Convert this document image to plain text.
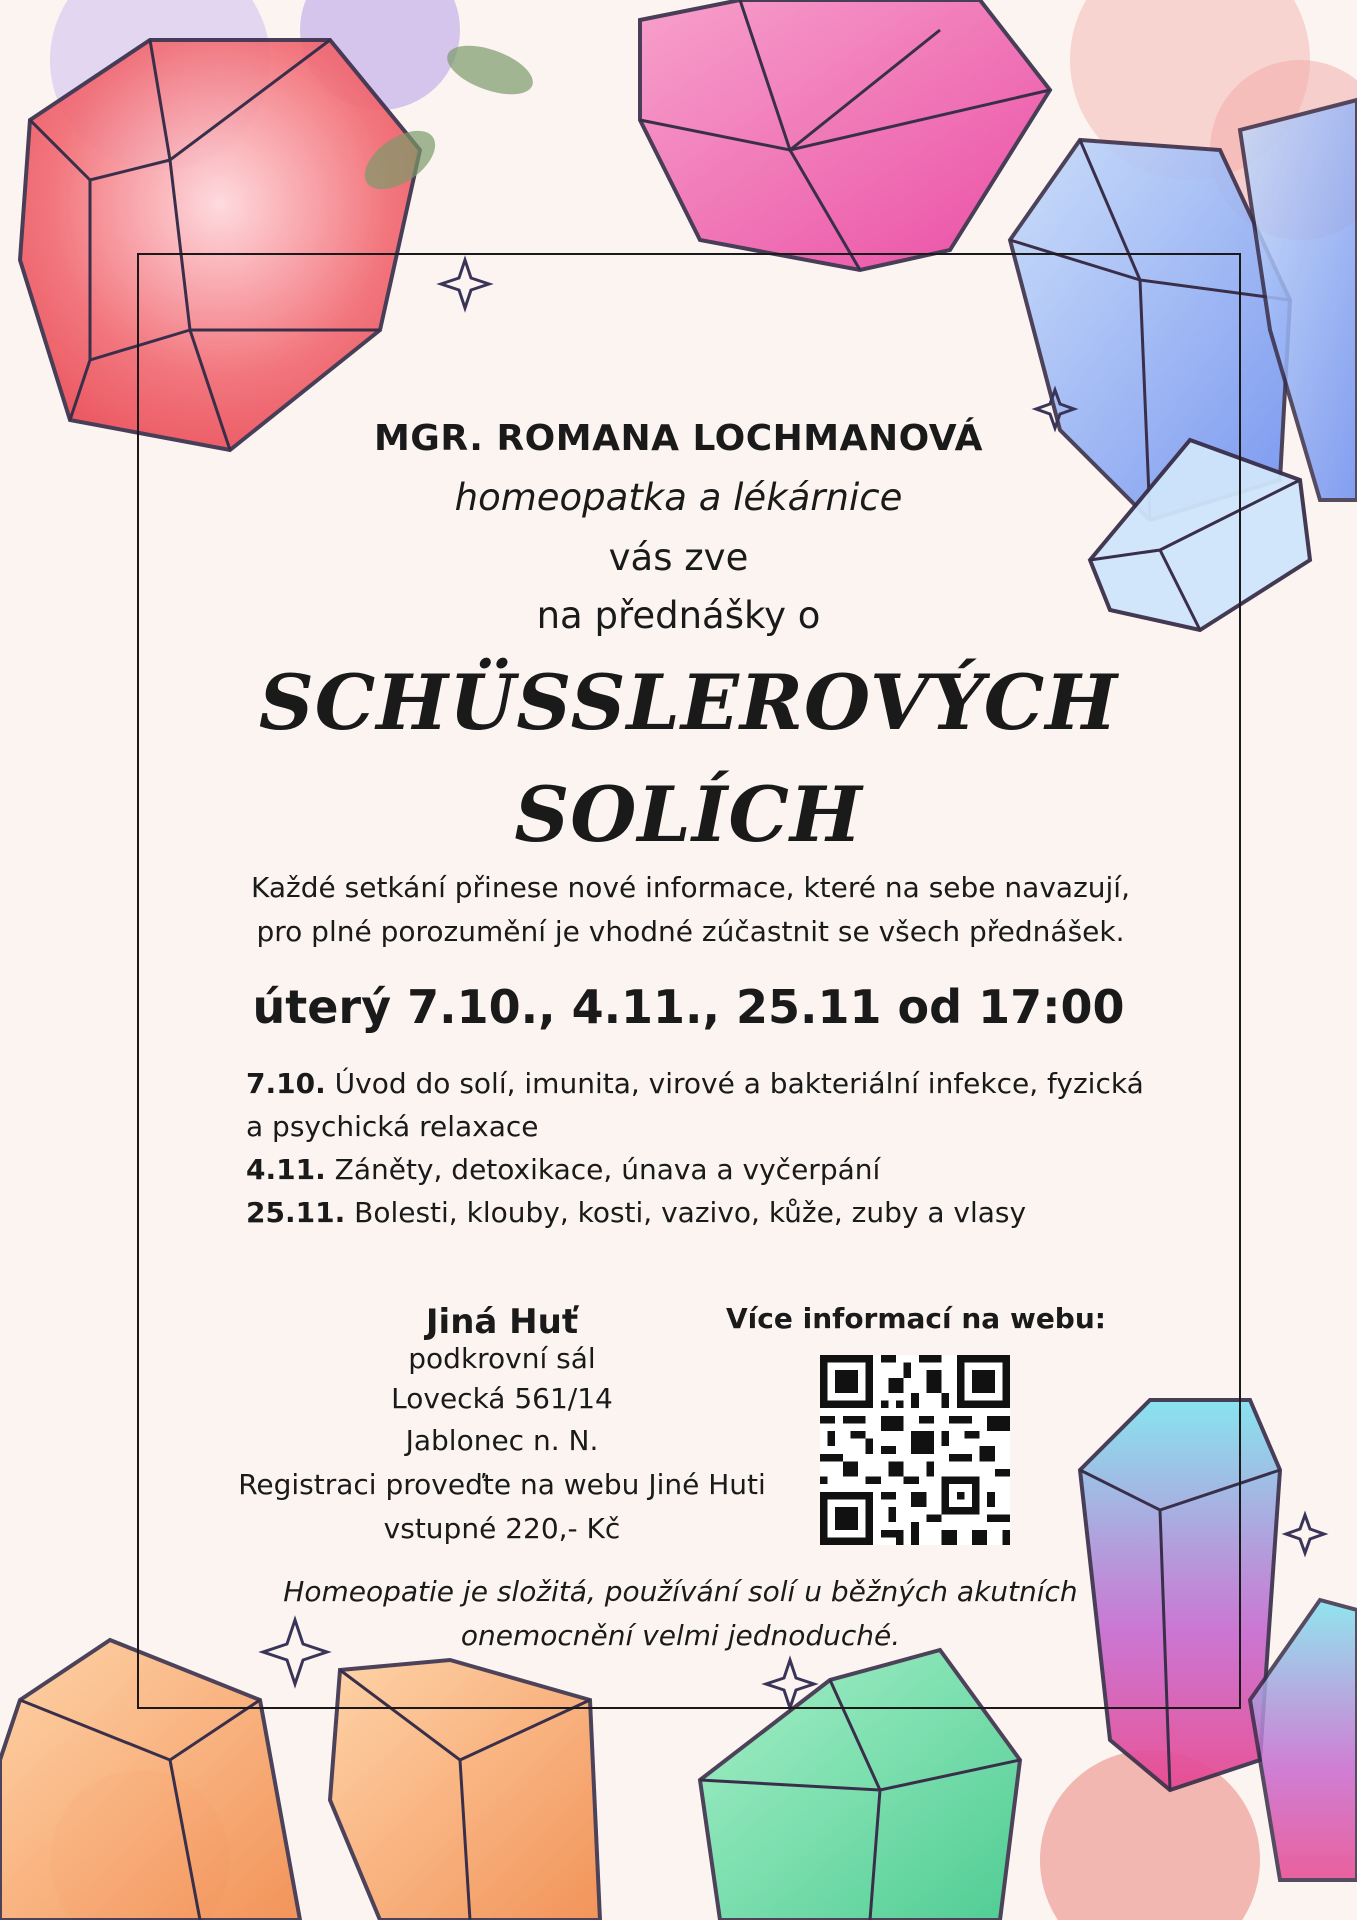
MGR. ROMANA LOCHMANOVÁ
homeopatka a lékárnice
vás zve
na přednášky o
SCHÜSSLEROVÝCH
SOLÍCH
Každé setkání přinese nové informace, které na sebe navazují,
pro plné porozumění je vhodné zúčastnit se všech přednášek.
úterý 7.10., 4.11., 25.11 od 17:00
7.10. Úvod do solí, imunita, virové a bakteriální infekce, fyzická a psychická relaxace
4.11. Záněty, detoxikace, únava a vyčerpání
25.11. Bolesti, klouby, kosti, vazivo, kůže, zuby a vlasy
Jiná Huť
podkrovní sál
Lovecká 561/14
Jablonec n. N.
Registraci proveďte na webu Jiné Huti
vstupné 220,- Kč
Více informací na webu:
Homeopatie je složitá, používání solí u běžných akutních
onemocnění velmi jednoduché.
